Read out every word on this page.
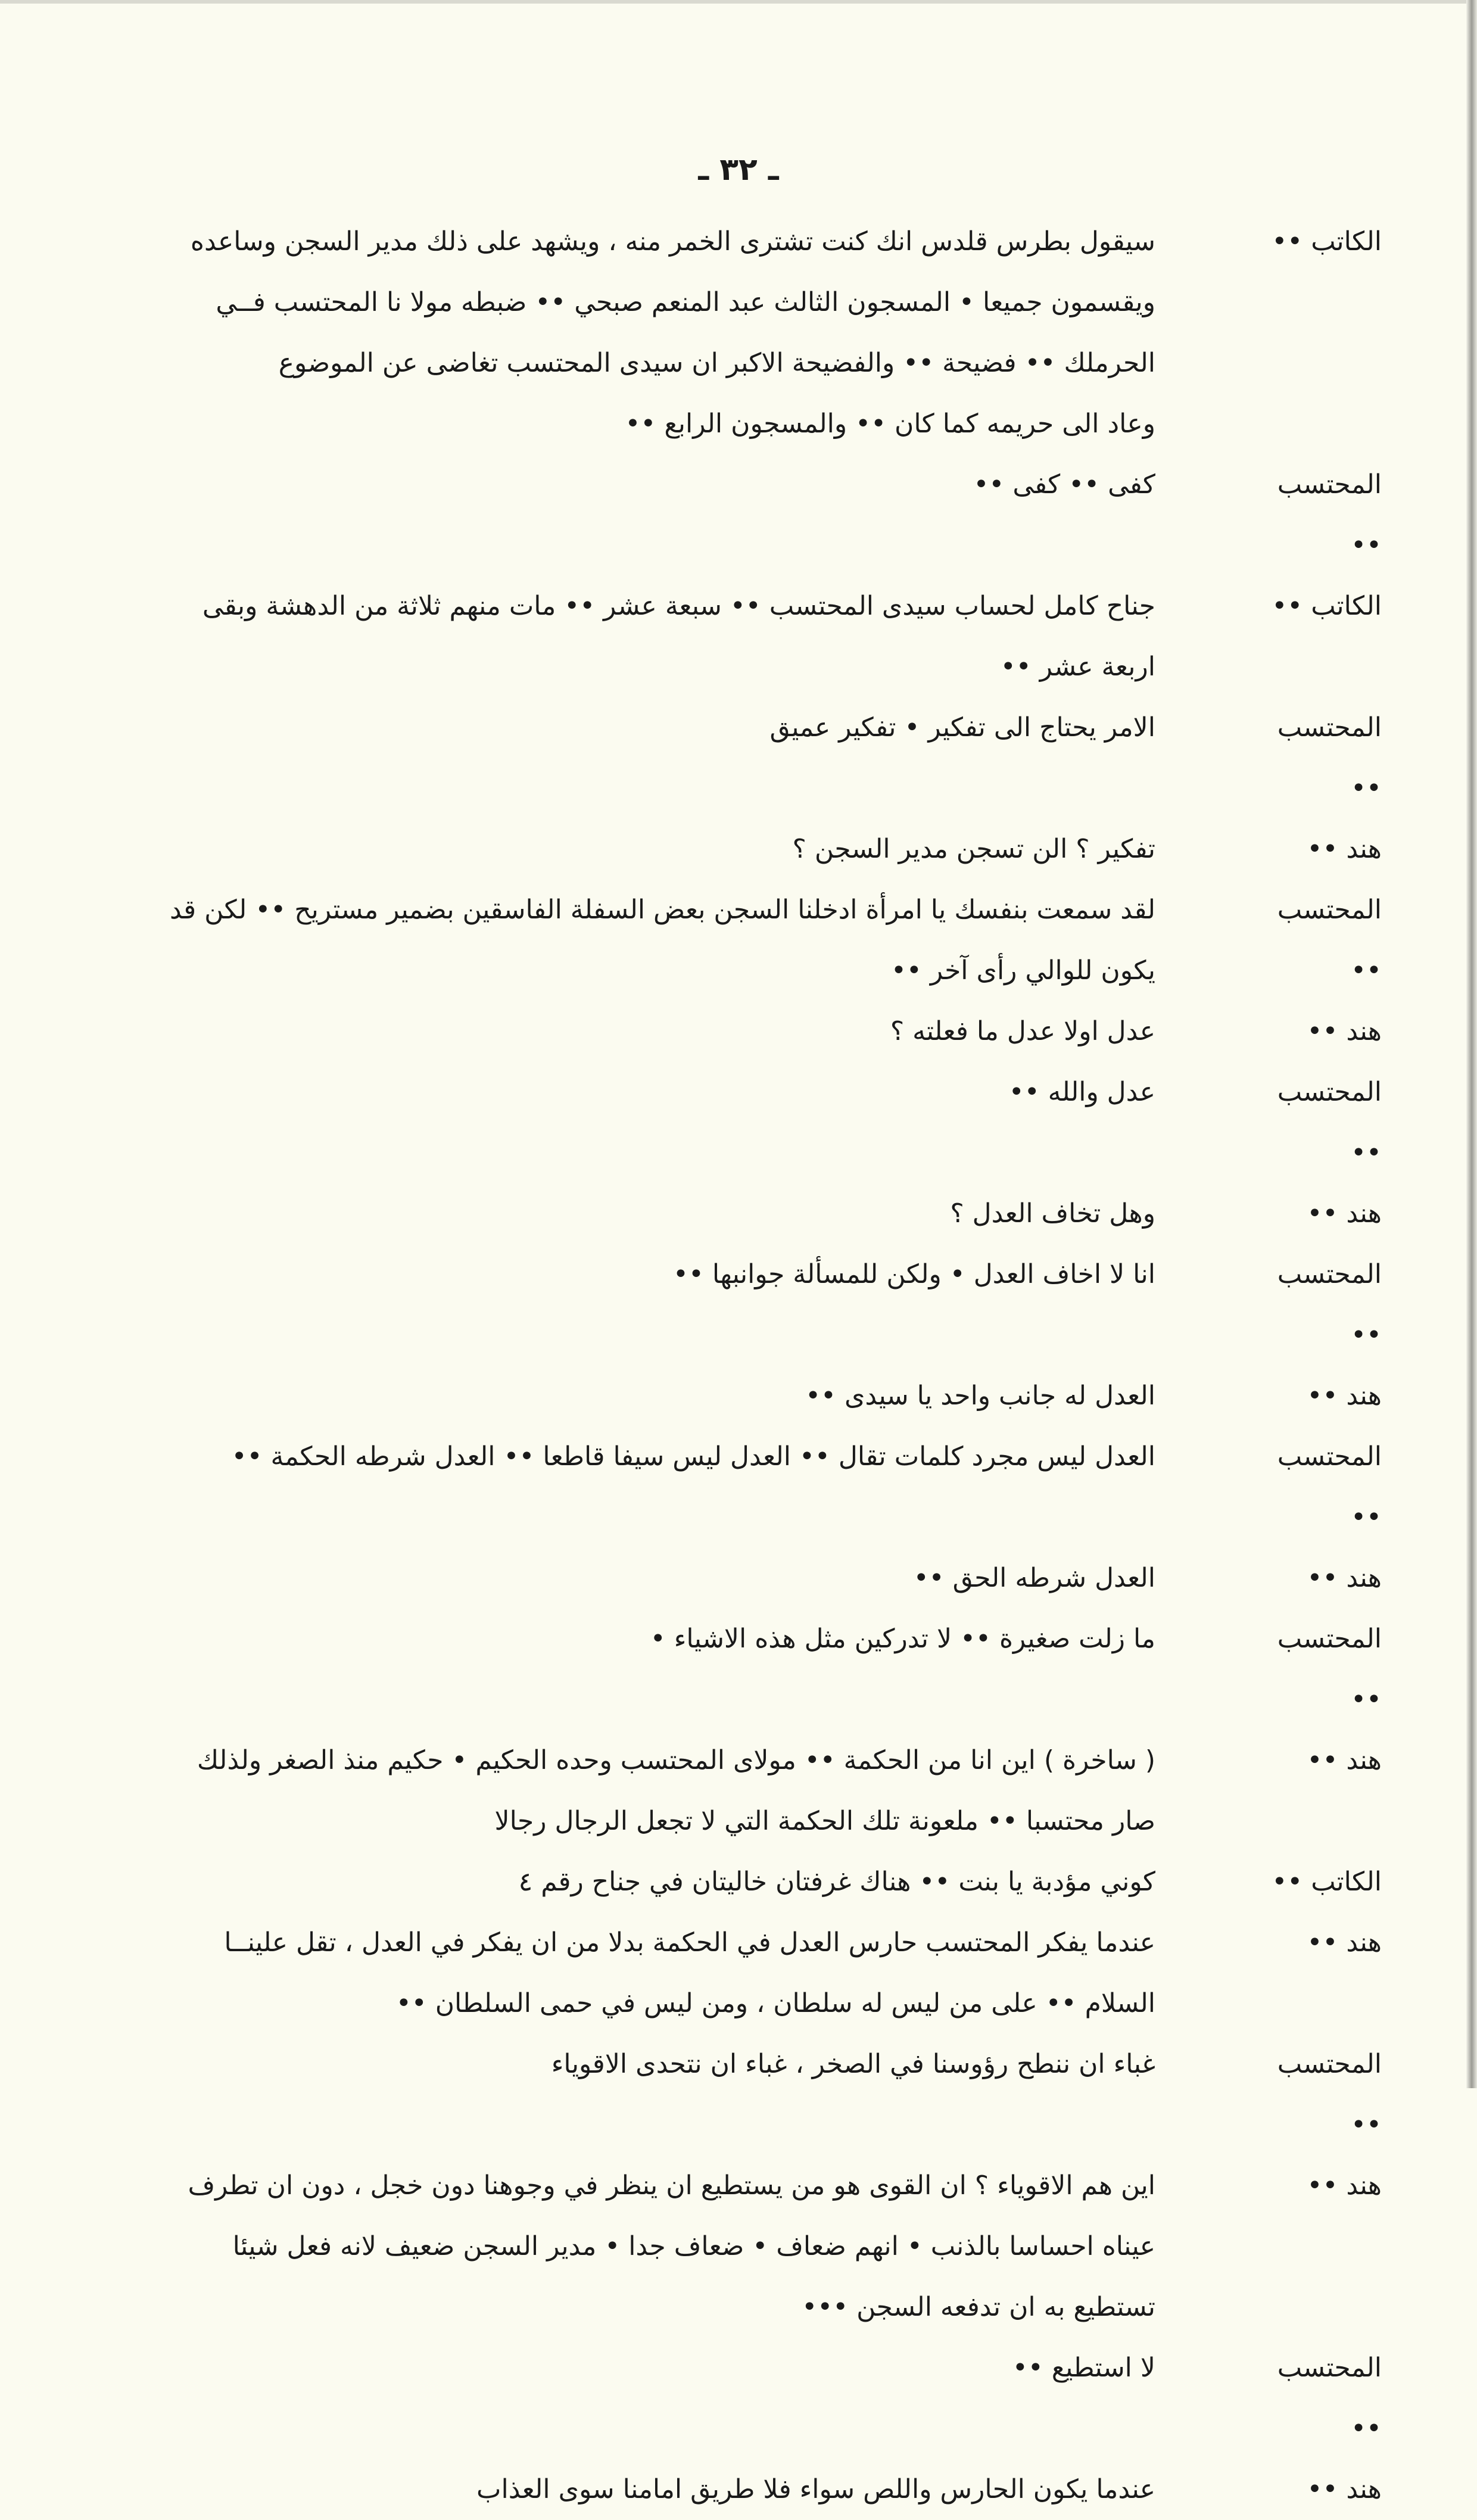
ـ ٣٢ ـ
الكاتب ••
سيقول بطرس قلدس انك كنت تشترى الخمر منه ، ويشهد على ذلك مدير السجن وساعده
ويقسمون جميعا • المسجون الثالث عبد المنعم صبحي •• ضبطه مولا نا المحتسب فــي
الحرملك •• فضيحة •• والفضيحة الاكبر ان سيدى المحتسب تغاضى عن الموضوع
وعاد الى حريمه كما كان •• والمسجون الرابع ••
المحتسب ••
كفى •• كفى ••
الكاتب ••
جناح كامل لحساب سيدى المحتسب •• سبعة عشر •• مات منهم ثلاثة من الدهشة وبقى
اربعة عشر ••
المحتسب ••
الامر يحتاج الى تفكير • تفكير عميق
هند ••
تفكير ؟ الن تسجن مدير السجن ؟
المحتسب ••
لقد سمعت بنفسك يا امرأة ادخلنا السجن بعض السفلة الفاسقين بضمير مستريح •• لكن قد
يكون للوالي رأى آخر ••
هند ••
عدل اولا عدل ما فعلته ؟
المحتسب ••
عدل والله ••
هند ••
وهل تخاف العدل ؟
المحتسب ••
انا لا اخاف العدل • ولكن للمسألة جوانبها ••
هند ••
العدل له جانب واحد يا سيدى ••
المحتسب ••
العدل ليس مجرد كلمات تقال •• العدل ليس سيفا قاطعا •• العدل شرطه الحكمة ••
هند ••
العدل شرطه الحق ••
المحتسب ••
ما زلت صغيرة •• لا تدركين مثل هذه الاشياء •
هند ••
( ساخرة ) اين انا من الحكمة •• مولاى المحتسب وحده الحكيم • حكيم منذ الصغر ولذلك
صار محتسبا •• ملعونة تلك الحكمة التي لا تجعل الرجال رجالا
الكاتب ••
كوني مؤدبة يا بنت •• هناك غرفتان خاليتان في جناح رقم ٤
هند ••
عندما يفكر المحتسب حارس العدل في الحكمة بدلا من ان يفكر في العدل ، تقل علينــا
السلام •• على من ليس له سلطان ، ومن ليس في حمى السلطان ••
المحتسب ••
غباء ان ننطح رؤوسنا في الصخر ، غباء ان نتحدى الاقوياء
هند ••
اين هم الاقوياء ؟ ان القوى هو من يستطيع ان ينظر في وجوهنا دون خجل ، دون ان تطرف
عيناه احساسا بالذنب • انهم ضعاف • ضعاف جدا • مدير السجن ضعيف لانه فعل شيئا
تستطيع به ان تدفعه السجن •••
المحتسب ••
لا استطيع ••
هند ••
عندما يكون الحارس واللص سواء فلا طريق امامنا سوى العذاب
